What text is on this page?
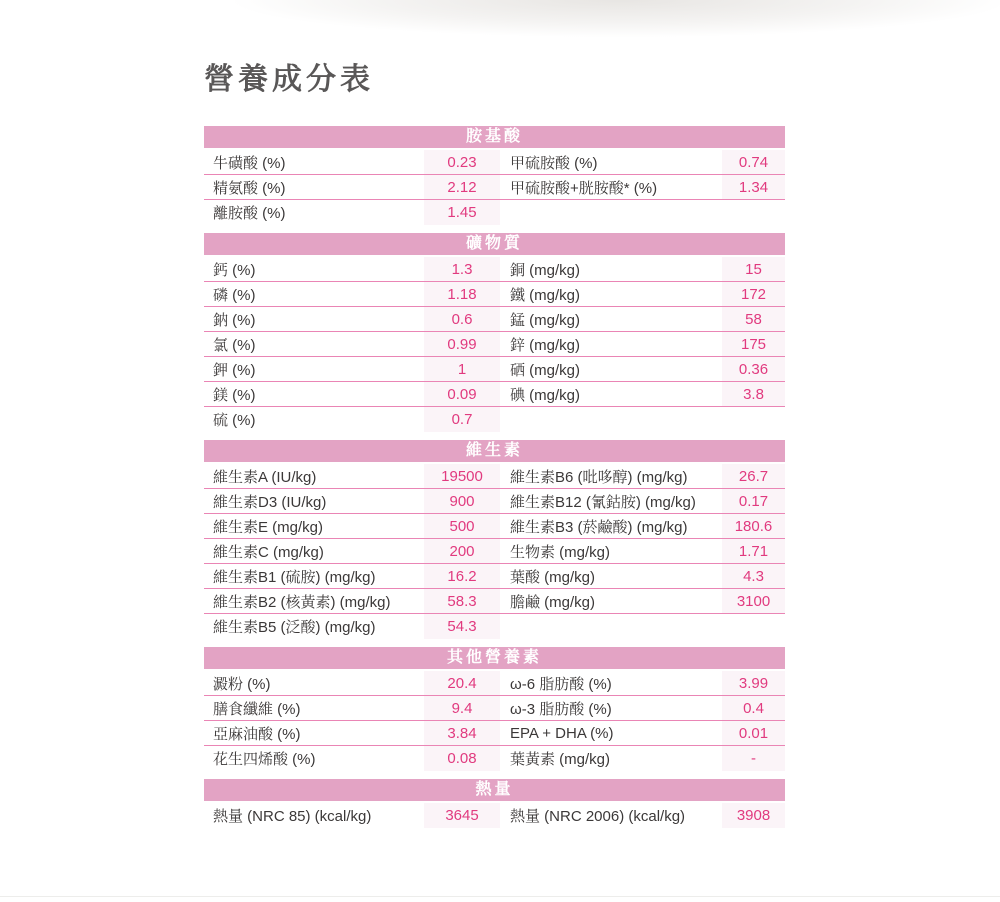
營養成分表
胺基酸
牛磺酸 (%)	0.23	甲硫胺酸 (%)	0.74
精氨酸 (%)	2.12	甲硫胺酸+胱胺酸* (%)	1.34
離胺酸 (%)	1.45
礦物質
鈣 (%)	1.3	銅 (mg/kg)	15
磷 (%)	1.18	鐵 (mg/kg)	172
鈉 (%)	0.6	錳 (mg/kg)	58
氯 (%)	0.99	鋅 (mg/kg)	175
鉀 (%)	1	硒 (mg/kg)	0.36
鎂 (%)	0.09	碘 (mg/kg)	3.8
硫 (%)	0.7
維生素
維生素A (IU/kg)	19500	維生素B6 (吡哆醇) (mg/kg)	26.7
維生素D3 (IU/kg)	900	維生素B12 (氰鈷胺) (mg/kg)	0.17
維生素E (mg/kg)	500	維生素B3 (菸鹼酸) (mg/kg)	180.6
維生素C (mg/kg)	200	生物素 (mg/kg)	1.71
維生素B1 (硫胺) (mg/kg)	16.2	葉酸 (mg/kg)	4.3
維生素B2 (核黃素) (mg/kg)	58.3	膽鹼 (mg/kg)	3100
維生素B5 (泛酸) (mg/kg)	54.3
其他營養素
澱粉 (%)	20.4	ω-6 脂肪酸 (%)	3.99
膳食纖維 (%)	9.4	ω-3 脂肪酸 (%)	0.4
亞麻油酸 (%)	3.84	EPA + DHA (%)	0.01
花生四烯酸 (%)	0.08	葉黃素 (mg/kg)	-
熱量
熱量 (NRC 85) (kcal/kg)	3645	熱量 (NRC 2006) (kcal/kg)	3908
